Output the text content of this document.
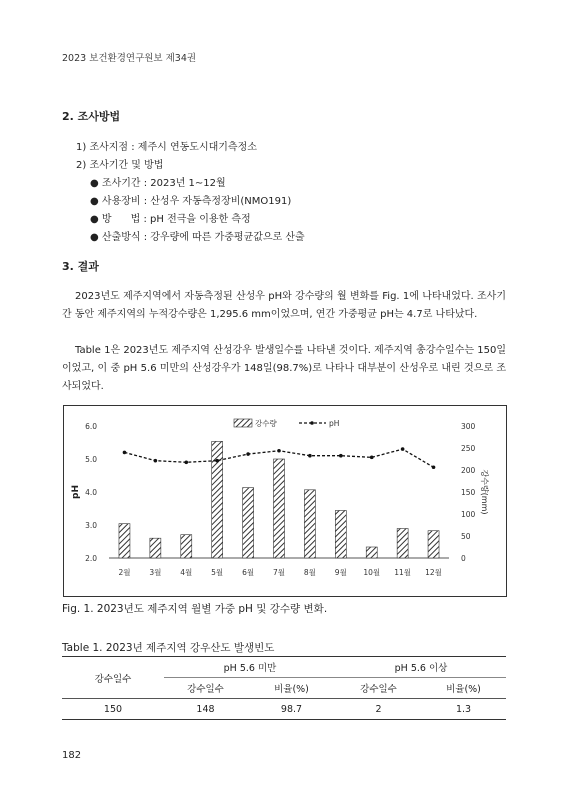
2023 보건환경연구원보 제34권
2. 조사방법
1) 조사지점 : 제주시 연동도시대기측정소
2) 조사기간 및 방법
● 조사기간 : 2023년 1∼12월
● 사용장비 : 산성우 자동측정장비(NMO191)
● 방      법 : pH 전극을 이용한 측정
● 산출방식 : 강우량에 따른 가중평균값으로 산출
3. 결과

2023년도 제주지역에서 자동측정된 산성우 pH와 강수량의 월 변화를 Fig. 1에 나타내었다. 조사기간 동안 제주지역의 누적강수량은 1,295.6 mm이었으며, 연간 가중평균 pH는 4.7로 나타났다.

Table 1은 2023년도 제주지역 산성강우 발생일수를 나타낸 것이다. 제주지역 총강수일수는 150일이었고, 이 중 pH 5.6 미만의 산성강우가 148일(98.7%)로 나타나 대부분이 산성우로 내린 것으로 조사되었다.

2.0
3.0
4.0
5.0
6.0
0
50
100
150
200
250
300
pH	강수량(mm)
2월	3월	4월	5월	6월	7월	8월	9월 10월 11월 12월
강수량	pH
Fig. 1. 2023년도 제주지역 월별 가중 pH 및 강수량 변화.
Table 1. 2023년 제주지역 강우산도 발생빈도
강수일수	pH 5.6 미만		pH 5.6 이상	
	강수일수	비율(%)	강수일수	비율(%)
150	148	98.7	2	1.3
182
